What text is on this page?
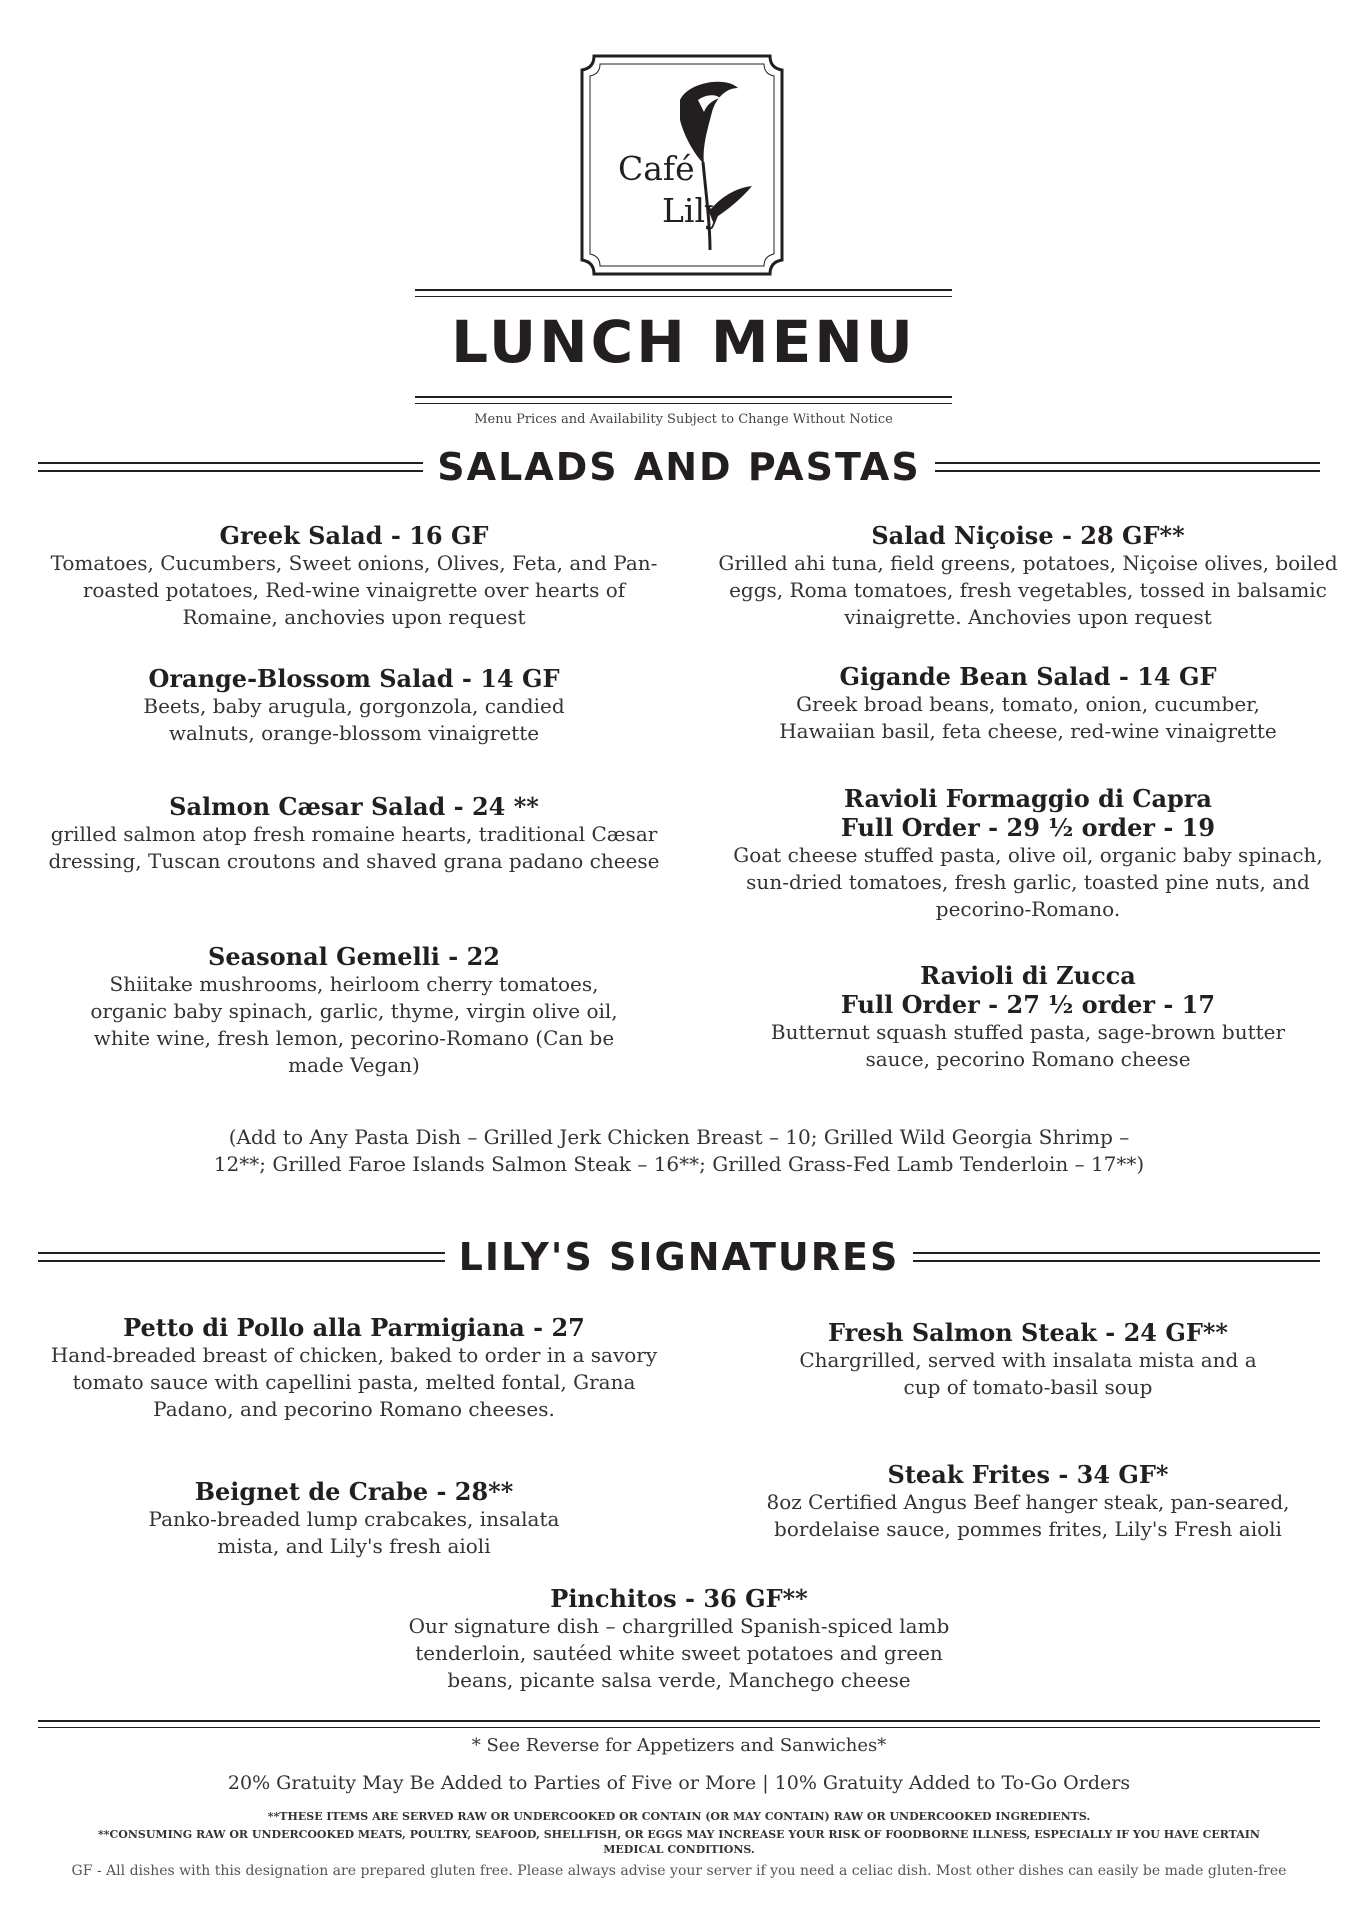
Café
Lily
LUNCH MENU
Menu Prices and Availability Subject to Change Without Notice
SALADS AND PASTAS
Greek Salad - 16 GF
Tomatoes, Cucumbers, Sweet onions, Olives, Feta, and Pan-roasted potatoes, Red-wine vinaigrette over hearts of Romaine, anchovies upon request
Orange-Blossom Salad - 14 GF
Beets, baby arugula, gorgonzola, candied walnuts, orange-blossom vinaigrette
Salmon Cæsar Salad - 24 **
grilled salmon atop fresh romaine hearts, traditional Cæsar dressing, Tuscan croutons and shaved grana padano cheese
Seasonal Gemelli - 22
Shiitake mushrooms, heirloom cherry tomatoes, organic baby spinach, garlic, thyme, virgin olive oil, white wine, fresh lemon, pecorino-Romano (Can be made Vegan)
Salad Niçoise - 28 GF**
Grilled ahi tuna, field greens, potatoes, Niçoise olives, boiled eggs, Roma tomatoes, fresh vegetables, tossed in balsamic vinaigrette. Anchovies upon request
Gigande Bean Salad - 14 GF
Greek broad beans, tomato, onion, cucumber, Hawaiian basil, feta cheese, red-wine vinaigrette
Ravioli Formaggio di Capra
Full Order - 29 ½ order - 19
Goat cheese stuffed pasta, olive oil, organic baby spinach, sun-dried tomatoes, fresh garlic, toasted pine nuts, and pecorino-Romano.
Ravioli di Zucca
Full Order - 27 ½ order - 17
Butternut squash stuffed pasta, sage-brown butter sauce, pecorino Romano cheese
(Add to Any Pasta Dish – Grilled Jerk Chicken Breast – 10; Grilled Wild Georgia Shrimp – 12**; Grilled Faroe Islands Salmon Steak – 16**; Grilled Grass-Fed Lamb Tenderloin – 17**)
LILY'S SIGNATURES
Petto di Pollo alla Parmigiana - 27
Hand-breaded breast of chicken, baked to order in a savory tomato sauce with capellini pasta, melted fontal, Grana Padano, and pecorino Romano cheeses.
Beignet de Crabe - 28**
Panko-breaded lump crabcakes, insalata mista, and Lily's fresh aioli
Fresh Salmon Steak - 24 GF**
Chargrilled, served with insalata mista and a cup of tomato-basil soup
Steak Frites - 34 GF*
8oz Certified Angus Beef hanger steak, pan-seared, bordelaise sauce, pommes frites, Lily's Fresh aioli
Pinchitos - 36 GF**
Our signature dish – chargrilled Spanish-spiced lamb tenderloin, sautéed white sweet potatoes and green beans, picante salsa verde, Manchego cheese
* See Reverse for Appetizers and Sanwiches*
20% Gratuity May Be Added to Parties of Five or More | 10% Gratuity Added to To-Go Orders
**THESE ITEMS ARE SERVED RAW OR UNDERCOOKED OR CONTAIN (OR MAY CONTAIN) RAW OR UNDERCOOKED INGREDIENTS.
**CONSUMING RAW OR UNDERCOOKED MEATS, POULTRY, SEAFOOD, SHELLFISH, OR EGGS MAY INCREASE YOUR RISK OF FOODBORNE ILLNESS, ESPECIALLY IF YOU HAVE CERTAIN MEDICAL CONDITIONS.
GF - All dishes with this designation are prepared gluten free. Please always advise your server if you need a celiac dish. Most other dishes can easily be made gluten-free
